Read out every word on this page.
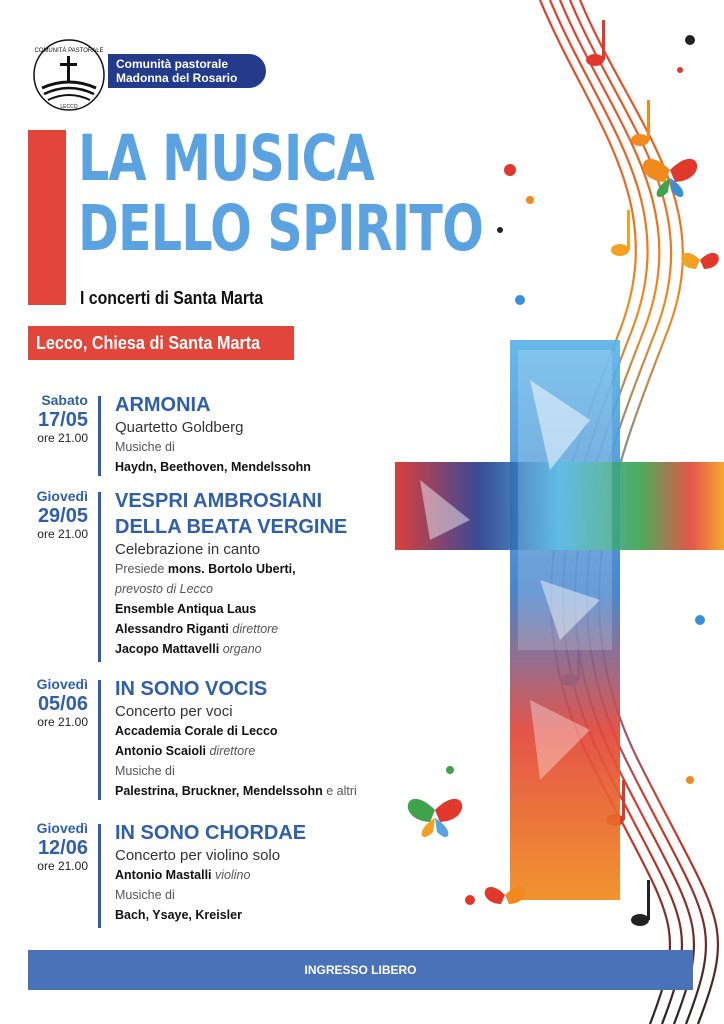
COMUNITÀ PASTORALE
LECCO
Comunità pastorale
Madonna del Rosario
LA MUSICA
DELLO SPIRITO
I concerti di Santa Marta
Lecco, Chiesa di Santa Marta
Sabato
17/05
ore 21.00
ARMONIA
Quartetto Goldberg
Musiche di
Haydn, Beethoven, Mendelssohn
Giovedì
29/05
ore 21.00
VESPRI AMBROSIANI
DELLA BEATA VERGINE
Celebrazione in canto
Presiede mons. Bortolo Uberti,
prevosto di Lecco
Ensemble Antiqua Laus
Alessandro Riganti direttore
Jacopo Mattavelli organo
Giovedì
05/06
ore 21.00
IN SONO VOCIS
Concerto per voci
Accademia Corale di Lecco
Antonio Scaioli direttore
Musiche di
Palestrina, Bruckner, Mendelssohn e altri
Giovedì
12/06
ore 21.00
IN SONO CHORDAE
Concerto per violino solo
Antonio Mastalli violino
Musiche di
Bach, Ysaye, Kreisler
INGRESSO LIBERO
